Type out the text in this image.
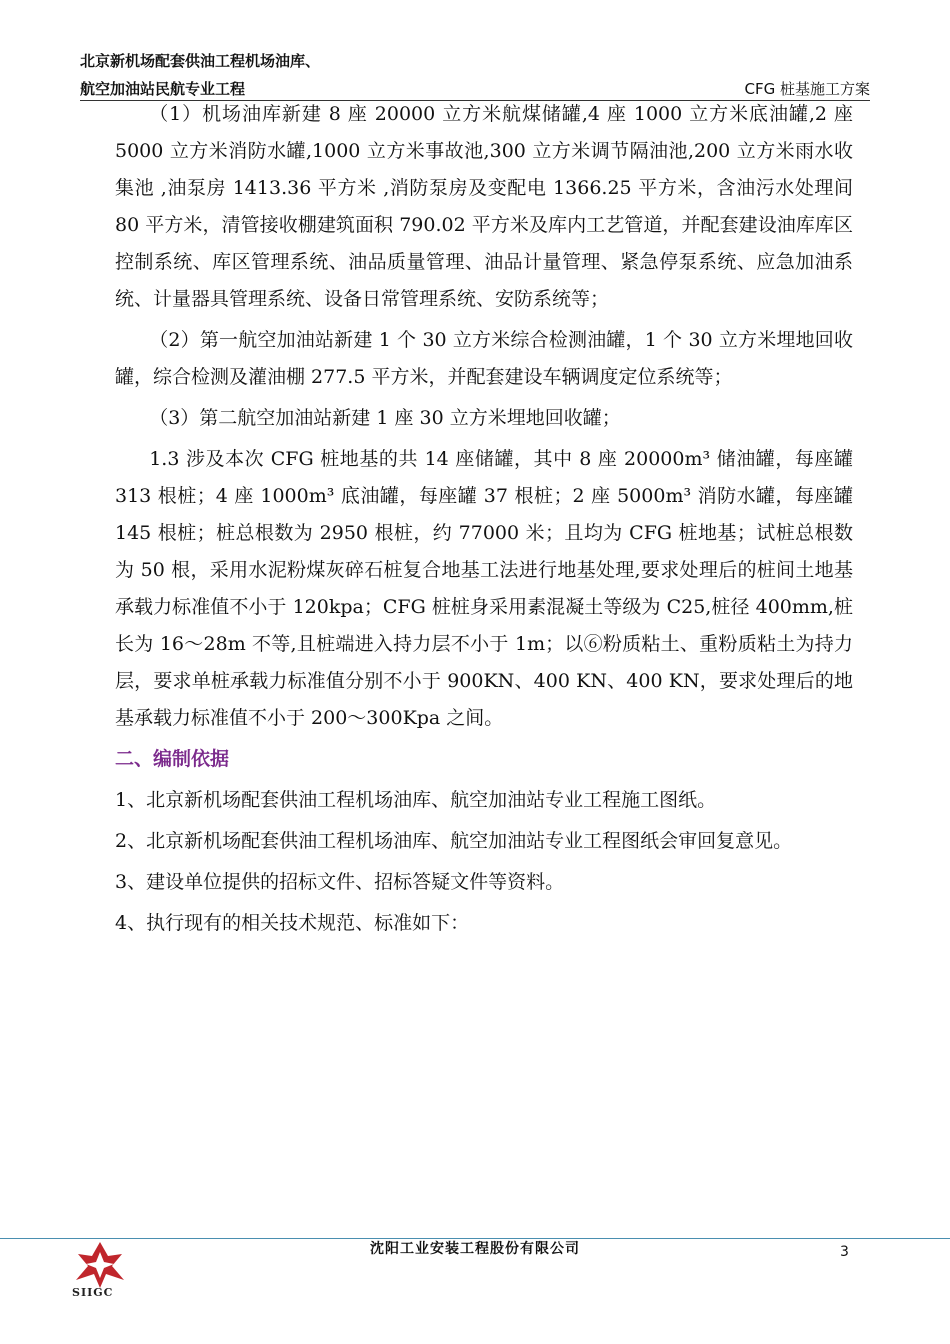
北京新机场配套供油工程机场油库、
航空加油站民航专业工程	CFG 桩基施工方案

（1）机场油库新建 8 座 20000 立方米航煤储罐,4 座 1000 立方米底油罐,2 座 5000 立方米消防水罐,1000 立方米事故池,300 立方米调节隔油池,200 立方米雨水收集池 ,油泵房 1413.36 平方米 ,消防泵房及变配电 1366.25 平方米，含油污水处理间 80 平方米，清管接收棚建筑面积 790.02 平方米及库内工艺管道，并配套建设油库库区控制系统、库区管理系统、油品质量管理、油品计量管理、紧急停泵系统、应急加油系统、计量器具管理系统、设备日常管理系统、安防系统等；

（2）第一航空加油站新建 1 个 30 立方米综合检测油罐，1 个 30 立方米埋地回收罐，综合检测及灌油棚 277.5 平方米，并配套建设车辆调度定位系统等；

（3）第二航空加油站新建 1 座 30 立方米埋地回收罐；

1.3 涉及本次 CFG 桩地基的共 14 座储罐，其中 8 座 20000m³ 储油罐，每座罐 313 根桩；4 座 1000m³ 底油罐，每座罐 37 根桩；2 座 5000m³ 消防水罐，每座罐 145 根桩；桩总根数为 2950 根桩，约 77000 米；且均为 CFG 桩地基；试桩总根数为 50 根，采用水泥粉煤灰碎石桩复合地基工法进行地基处理,要求处理后的桩间土地基承载力标准值不小于 120kpa；CFG 桩桩身采用素混凝土等级为 C25,桩径 400mm,桩长为 16～28m 不等,且桩端进入持力层不小于 1m；以⑥粉质粘土、重粉质粘土为持力层，要求单桩承载力标准值分别不小于 900KN、400 KN、400 KN，要求处理后的地基承载力标准值不小于 200～300Kpa 之间。

二、编制依据

1、北京新机场配套供油工程机场油库、航空加油站专业工程施工图纸。

2、北京新机场配套供油工程机场油库、航空加油站专业工程图纸会审回复意见。

3、建设单位提供的招标文件、招标答疑文件等资料。

4、执行现有的相关技术规范、标准如下：

SIIGC
沈阳工业安装工程股份有限公司	3
